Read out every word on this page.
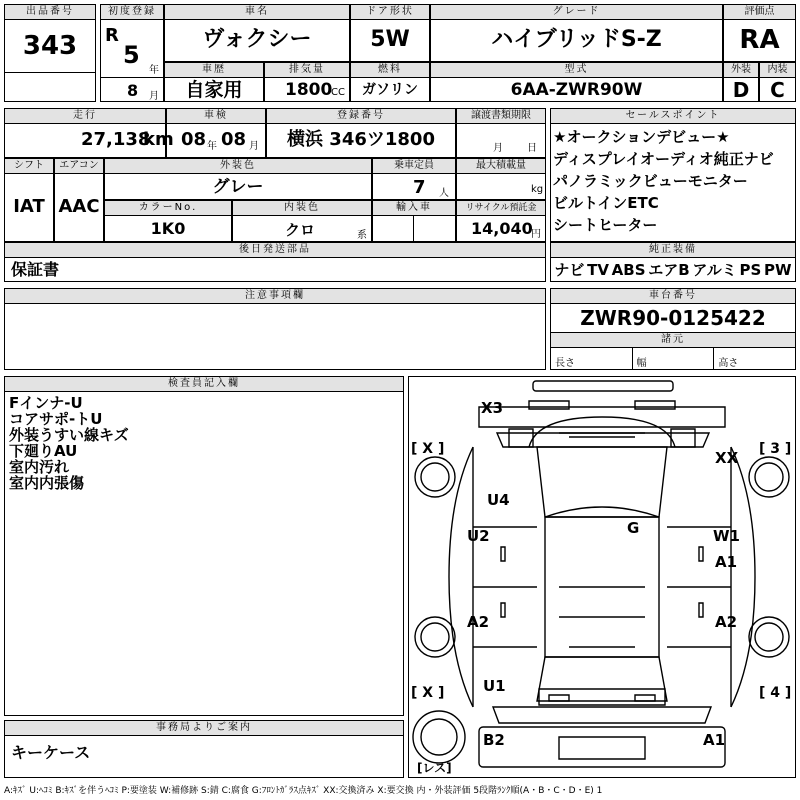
出品番号
343
初度登録
R
5
年
8 月
車名
ヴォクシー
ドア形状
5W
グレード
ハイブリッドS-Z
評価点
RA
車歴
自家用
排気量
1800
CC
燃料
ガソリン
型式
6AA-ZWR90W
外装
D
内装
C
走行
27,138
km
車検
08 年 08 月
登録番号
横浜 346ツ1800
譲渡書類期限
月 日
シフト
IAT
エアコン
AAC
外装色
グレー
乗車定員
7 人
最大積載量
kg
カラーNo.
1K0
内装色
クロ	系
輸入車	リサイクル預託金
14,040
円
後日発送部品
保証書
セールスポイント
★オークションデビュー★
ディスプレイオーディオ純正ナビ
パノラミックビューモニター
ビルトインETC
シートヒーター
純正装備
ナビ TV ABS エアB アルミ PS PW
注意事項欄	車台番号
ZWR90-0125422
諸元
長さ	幅	高さ
検査員記入欄
Fインナ-U
コアサポ-トU
外装うすい線キズ
下廻りAU
室内汚れ
室内内張傷
事務局よりご案内
キーケース
X3
XX
U4
G
U2	W1
A1
A2	A2
U1
B2	A1
[ X ]	[ 3 ]
[ X ]	[ 4 ]
[レス]
A:ｷｽﾞ U:ﾍｺﾐ B:ｷｽﾞを伴うﾍｺﾐ P:要塗装 W:補修跡 S:錆 C:腐食 G:ﾌﾛﾝﾄｶﾞﾗｽ点ｷｽﾞ XX:交換済み X:要交換 内・外装評価 5段階ﾗﾝｸ順(A・B・C・D・E) 1
